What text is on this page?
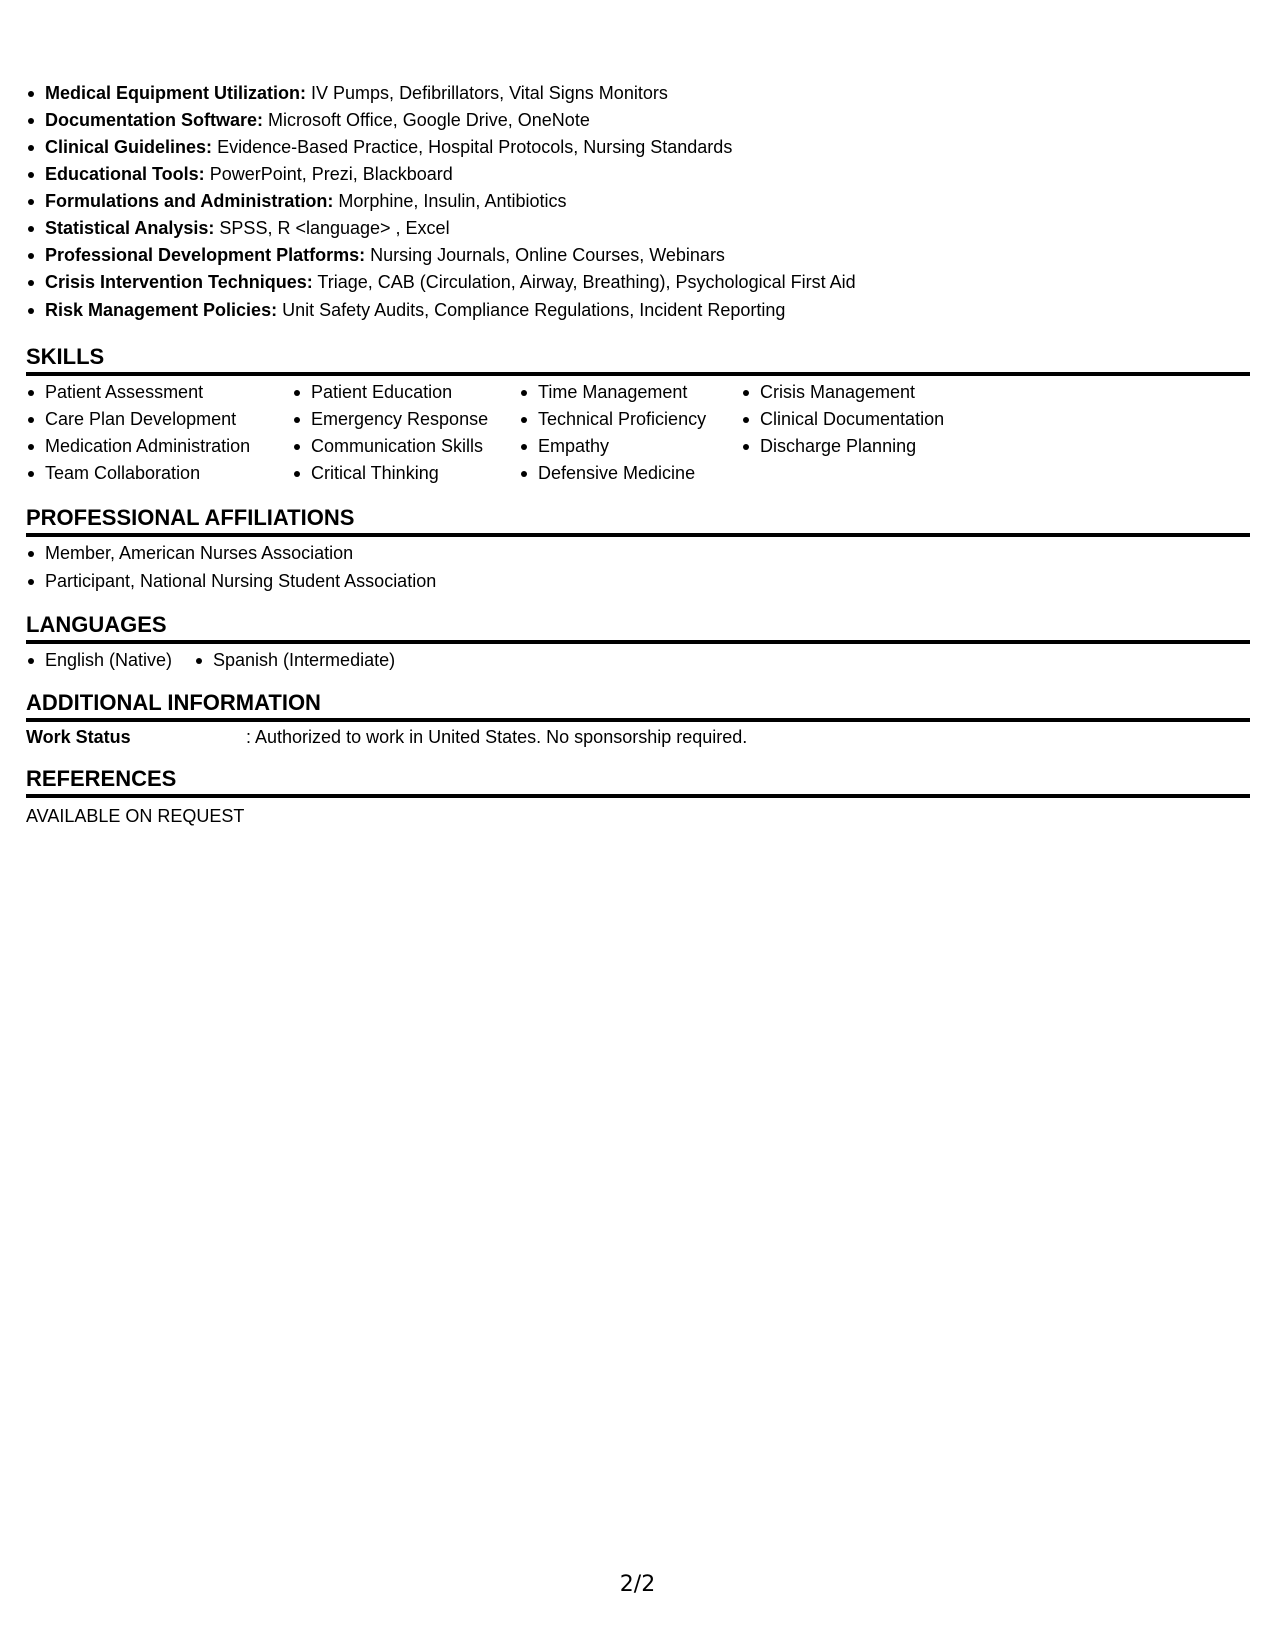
Medical Equipment Utilization: IV Pumps, Defibrillators, Vital Signs Monitors
Documentation Software: Microsoft Office, Google Drive, OneNote
Clinical Guidelines: Evidence-Based Practice, Hospital Protocols, Nursing Standards
Educational Tools: PowerPoint, Prezi, Blackboard
Formulations and Administration: Morphine, Insulin, Antibiotics
Statistical Analysis: SPSS, R <language> , Excel
Professional Development Platforms: Nursing Journals, Online Courses, Webinars
Crisis Intervention Techniques: Triage, CAB (Circulation, Airway, Breathing), Psychological First Aid
Risk Management Policies: Unit Safety Audits, Compliance Regulations, Incident Reporting
SKILLS
Patient Assessment
Care Plan Development
Medication Administration
Team Collaboration
Patient Education
Emergency Response
Communication Skills
Critical Thinking
Time Management
Technical Proficiency
Empathy
Defensive Medicine
Crisis Management
Clinical Documentation
Discharge Planning
PROFESSIONAL AFFILIATIONS
Member, American Nurses Association
Participant, National Nursing Student Association
LANGUAGES
English (Native)	Spanish (Intermediate)
ADDITIONAL INFORMATION
Work Status	: Authorized to work in United States. No sponsorship required.
REFERENCES
AVAILABLE ON REQUEST
2/2
